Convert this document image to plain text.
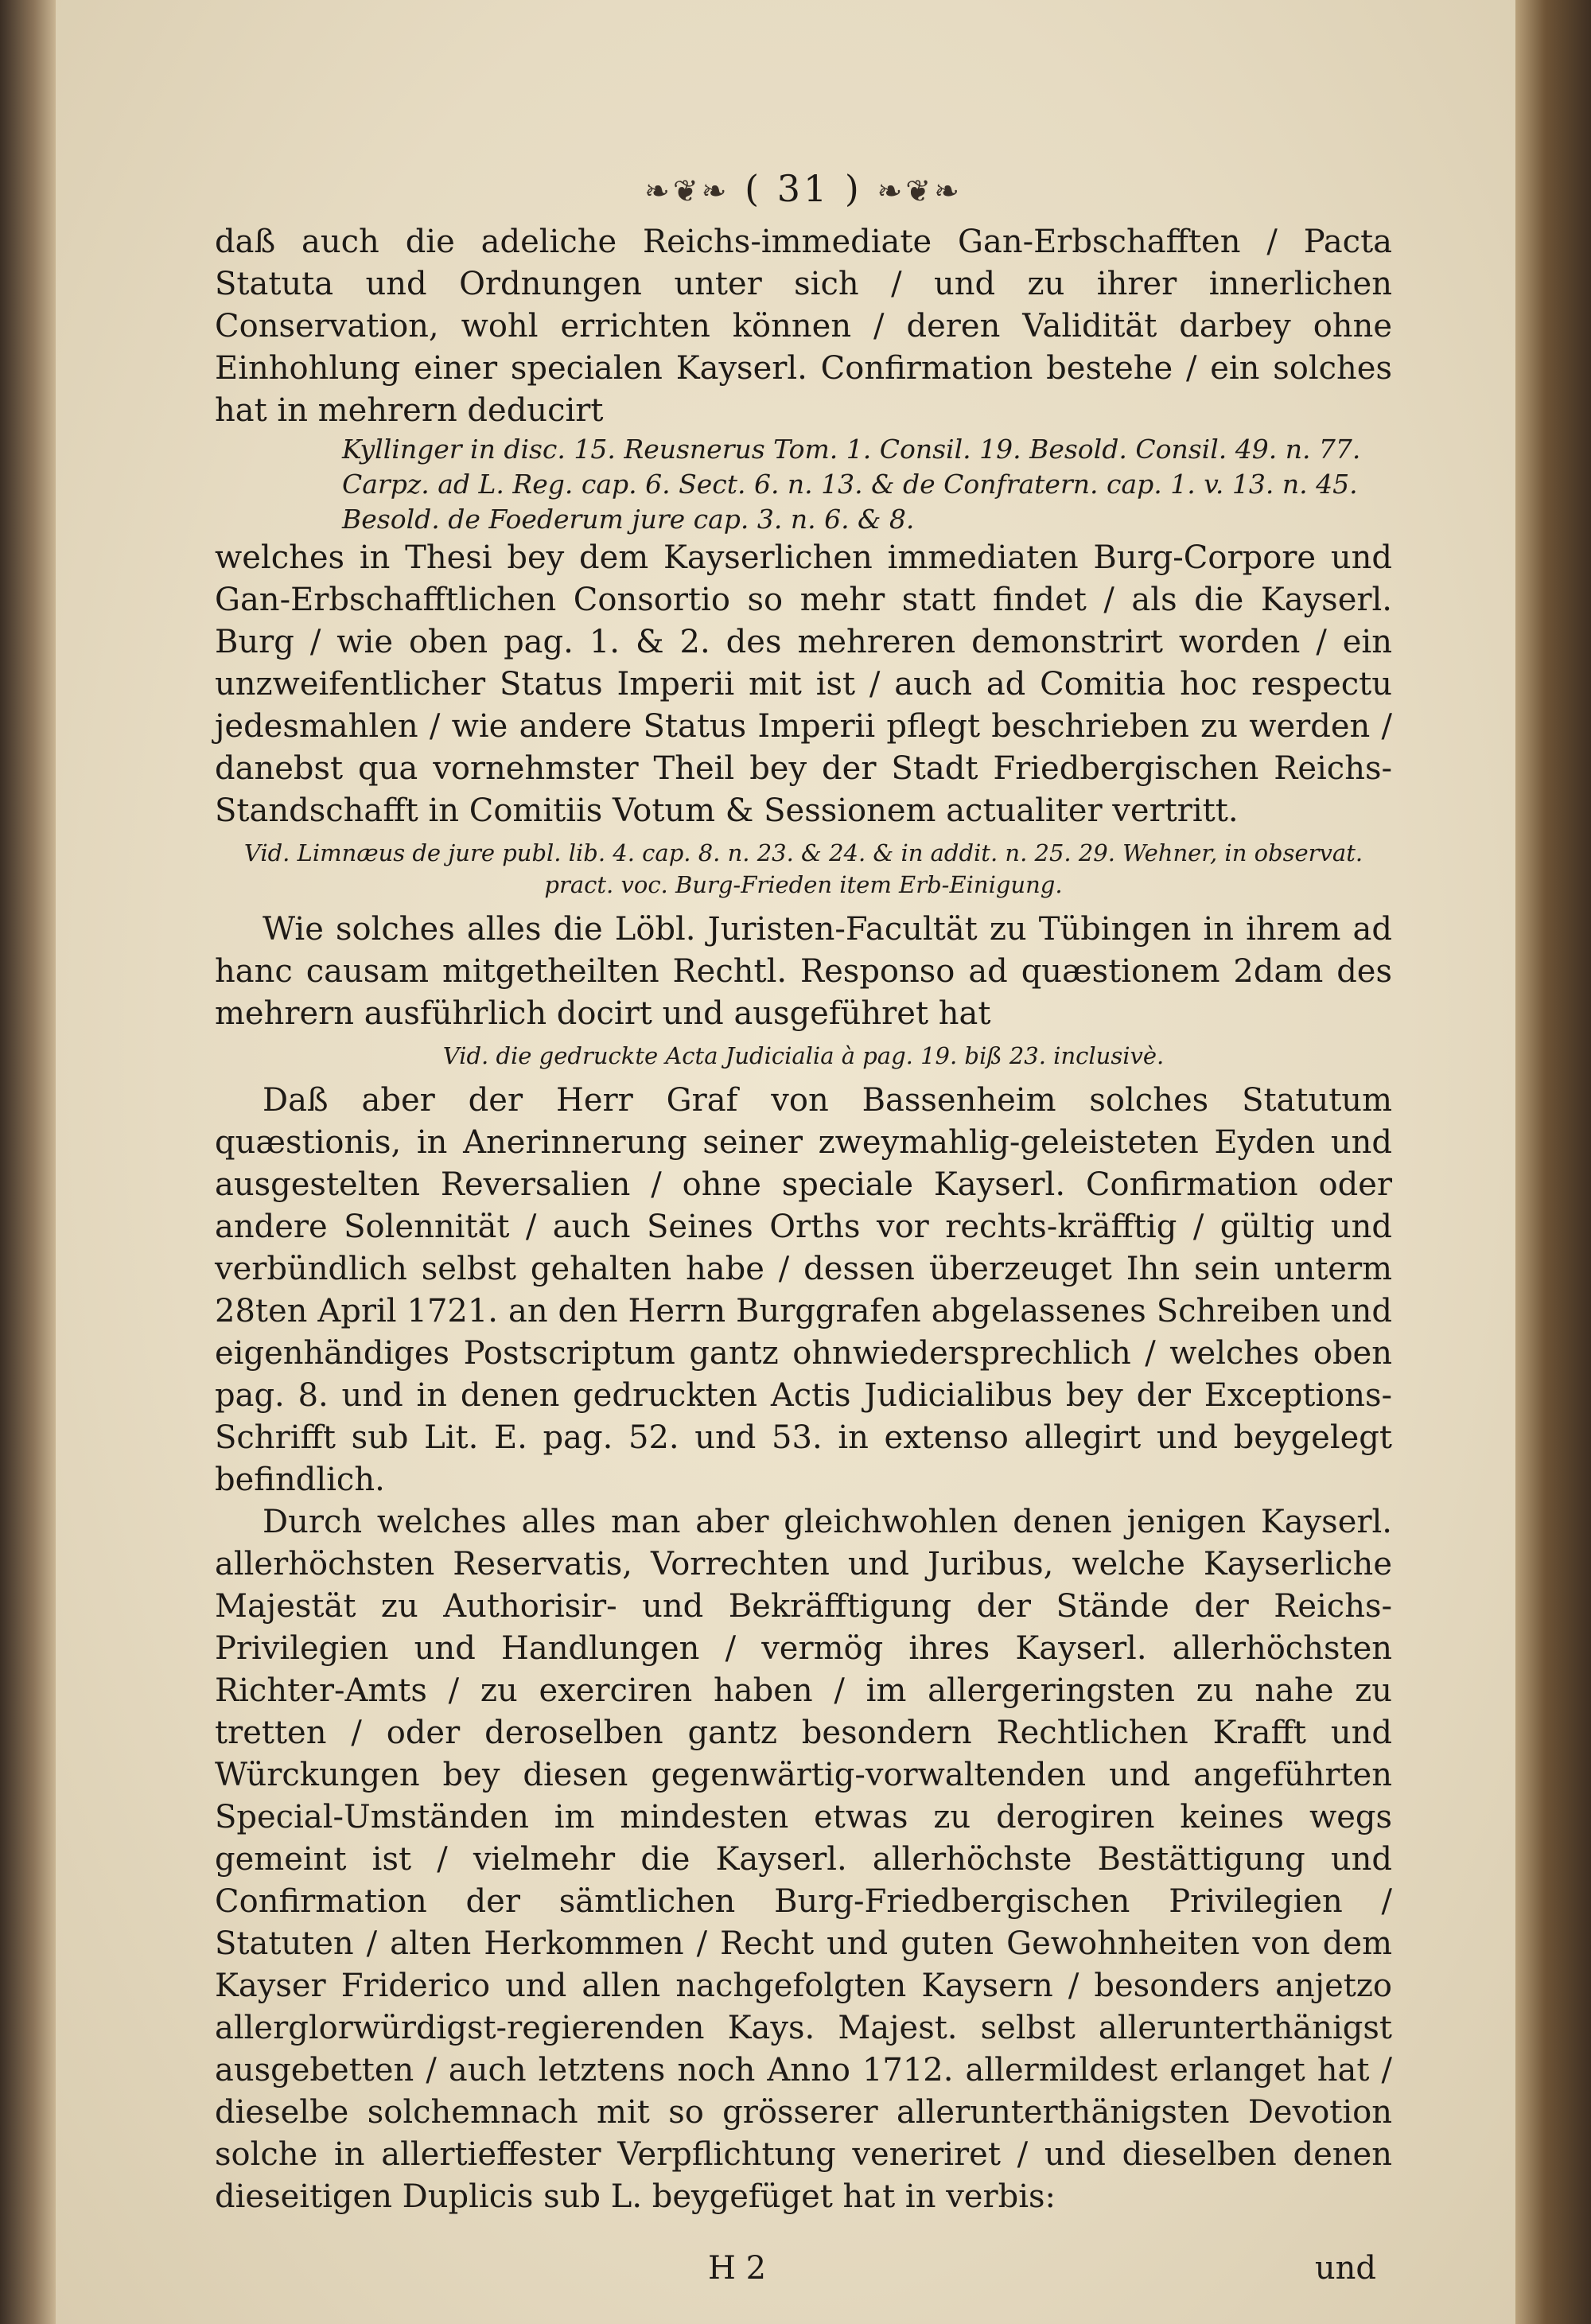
❧❦❧ ( 31 ) ❧❦❧

daß auch die adeliche Reichs-immediate Gan-Erbschafften / Pacta Statuta und Ordnungen unter sich / und zu ihrer innerlichen Conservation, wohl errichten können / deren Validität darbey ohne Einhohlung einer specialen Kayserl. Confirmation bestehe / ein solches hat in mehrern deducirt

Kyllinger in disc. 15. Reusnerus Tom. 1. Consil. 19. Besold. Consil. 49. n. 77.

Carpz. ad L. Reg. cap. 6. Sect. 6. n. 13. & de Confratern. cap. 1. v. 13. n. 45.

Besold. de Foederum jure cap. 3. n. 6. & 8.

welches in Thesi bey dem Kayserlichen immediaten Burg-Corpore und Gan-Erbschafftlichen Consortio so mehr statt findet / als die Kayserl. Burg / wie oben pag. 1. & 2. des mehreren demonstrirt worden / ein unzweifentlicher Status Imperii mit ist / auch ad Comitia hoc respectu jedesmahlen / wie andere Status Imperii pflegt beschrieben zu werden / danebst qua vornehmster Theil bey der Stadt Friedbergischen Reichs-Standschafft in Comitiis Votum & Sessionem actualiter vertritt.

Vid. Limnæus de jure publ. lib. 4. cap. 8. n. 23. & 24. & in addit. n. 25. 29. Wehner, in observat. pract. voc. Burg-Frieden item Erb-Einigung.

Wie solches alles die Löbl. Juristen-Facultät zu Tübingen in ihrem ad hanc causam mitgetheilten Rechtl. Responso ad quæstionem 2dam des mehrern ausführlich docirt und ausgeführet hat

Vid. die gedruckte Acta Judicialia à pag. 19. biß 23. inclusivè.

Daß aber der Herr Graf von Bassenheim solches Statutum quæstionis, in Anerinnerung seiner zweymahlig-geleisteten Eyden und ausgestelten Reversalien / ohne speciale Kayserl. Confirmation oder andere Solennität / auch Seines Orths vor rechts-kräfftig / gültig und verbündlich selbst gehalten habe / dessen überzeuget Ihn sein unterm 28ten April 1721. an den Herrn Burggrafen abgelassenes Schreiben und eigenhändiges Postscriptum gantz ohnwiedersprechlich / welches oben pag. 8. und in denen gedruckten Actis Judicialibus bey der Exceptions-Schrifft sub Lit. E. pag. 52. und 53. in extenso allegirt und beygelegt befindlich.

Durch welches alles man aber gleichwohlen denen jenigen Kayserl. allerhöchsten Reservatis, Vorrechten und Juribus, welche Kayserliche Majestät zu Authorisir- und Bekräfftigung der Stände der Reichs-Privilegien und Handlungen / vermög ihres Kayserl. allerhöchsten Richter-Amts / zu exerciren haben / im allergeringsten zu nahe zu tretten / oder deroselben gantz besondern Rechtlichen Krafft und Würckungen bey diesen gegenwärtig-vorwaltenden und angeführten Special-Umständen im mindesten etwas zu derogiren keines wegs gemeint ist / vielmehr die Kayserl. allerhöchste Bestättigung und Confirmation der sämtlichen Burg-Friedbergischen Privilegien / Statuten / alten Herkommen / Recht und guten Gewohnheiten von dem Kayser Friderico und allen nachgefolgten Kaysern / besonders anjetzo allerglorwürdigst-regierenden Kays. Majest. selbst allerunterthänigst ausgebetten / auch letztens noch Anno 1712. allermildest erlanget hat / dieselbe solchemnach mit so grösserer allerunterthänigsten Devotion solche in allertieffester Verpflichtung veneriret / und dieselben denen dieseitigen Duplicis sub L. beygefüget hat in verbis:

H 2	und
